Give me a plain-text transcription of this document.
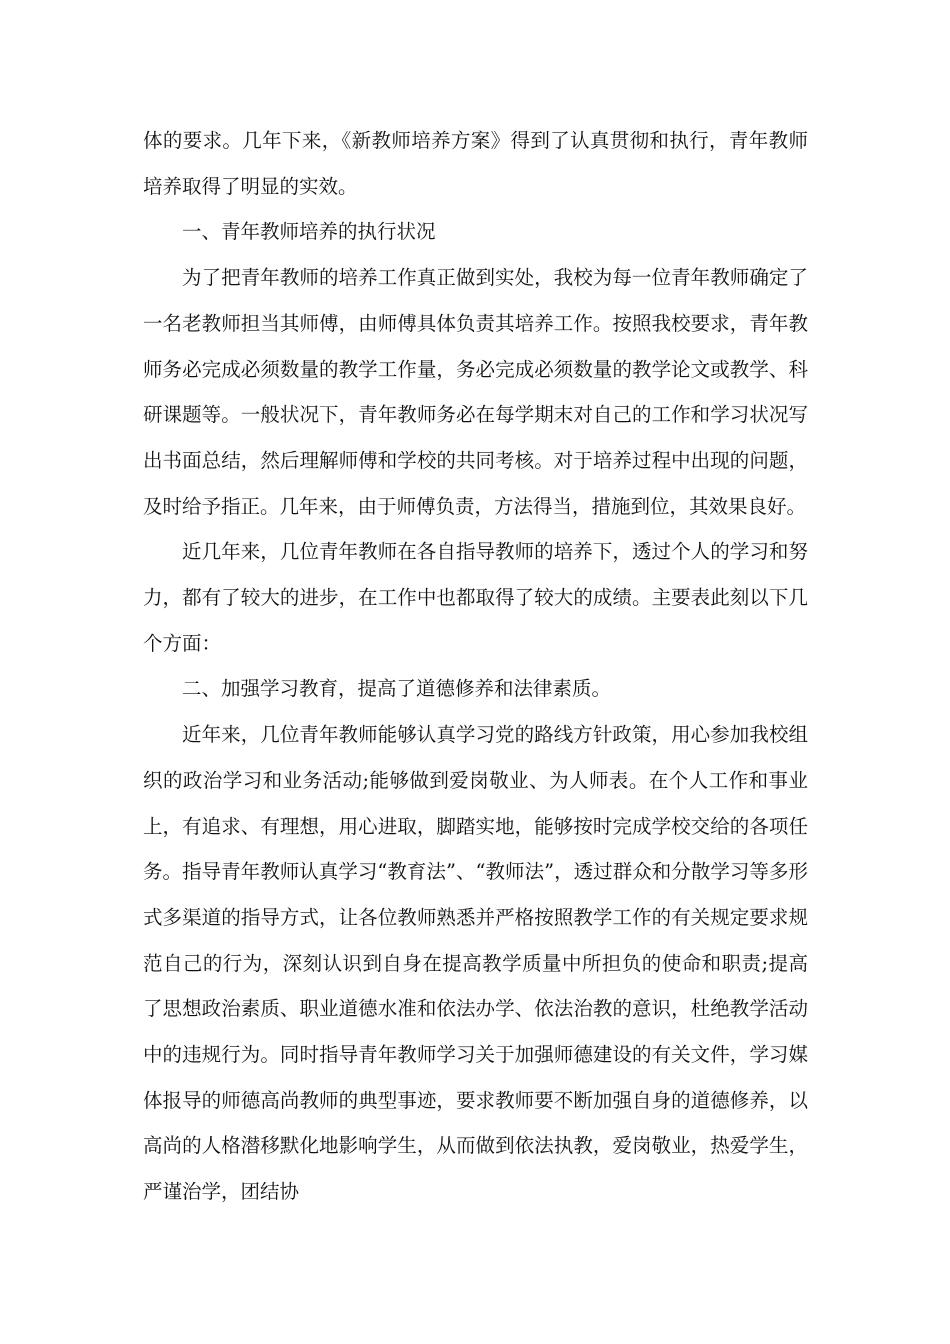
体的要求。几年下来，《新教师培养方案》得到了认真贯彻和执行，青年教师培养取得了明显的实效。

一、青年教师培养的执行状况

为了把青年教师的培养工作真正做到实处，我校为每一位青年教师确定了一名老教师担当其师傅，由师傅具体负责其培养工作。按照我校要求，青年教师务必完成必须数量的教学工作量，务必完成必须数量的教学论文或教学、科研课题等。一般状况下，青年教师务必在每学期末对自己的工作和学习状况写出书面总结，然后理解师傅和学校的共同考核。对于培养过程中出现的问题，及时给予指正。几年来，由于师傅负责，方法得当，措施到位，其效果良好。

近几年来，几位青年教师在各自指导教师的培养下，透过个人的学习和努力，都有了较大的进步，在工作中也都取得了较大的成绩。主要表此刻以下几个方面：

二、加强学习教育，提高了道德修养和法律素质。

近年来，几位青年教师能够认真学习党的路线方针政策，用心参加我校组织的政治学习和业务活动;能够做到爱岗敬业、为人师表。在个人工作和事业上，有追求、有理想，用心进取，脚踏实地，能够按时完成学校交给的各项任务。指导青年教师认真学习“教育法”、“教师法”，透过群众和分散学习等多形式多渠道的指导方式，让各位教师熟悉并严格按照教学工作的有关规定要求规范自己的行为，深刻认识到自身在提高教学质量中所担负的使命和职责;提高了思想政治素质、职业道德水准和依法办学、依法治教的意识，杜绝教学活动中的违规行为。同时指导青年教师学习关于加强师德建设的有关文件，学习媒体报导的师德高尚教师的典型事迹，要求教师要不断加强自身的道德修养，以高尚的人格潜移默化地影响学生，从而做到依法执教，爱岗敬业，热爱学生，严谨治学，团结协
